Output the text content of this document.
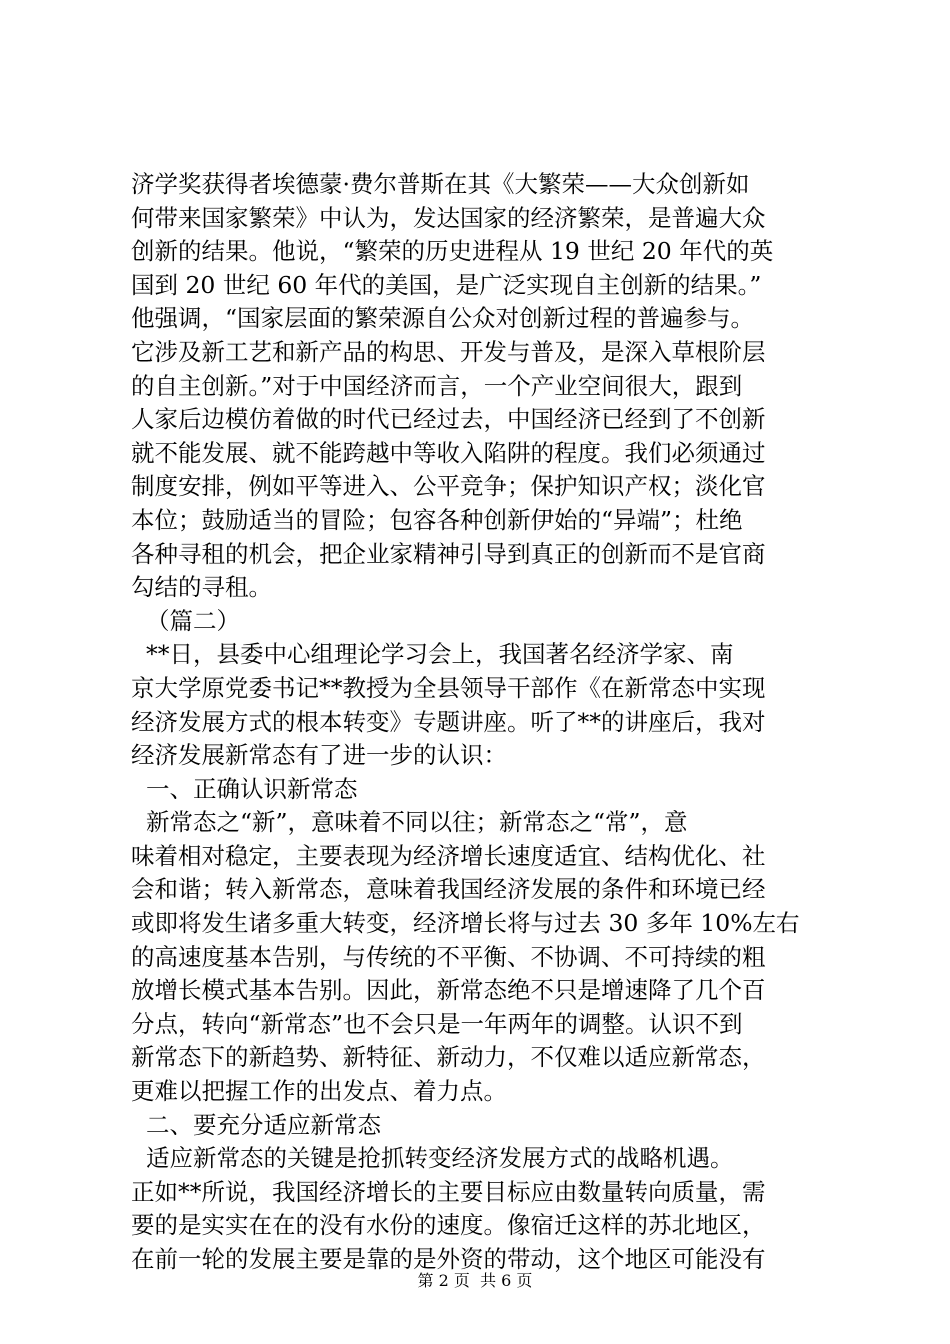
济学奖获得者埃德蒙·费尔普斯在其《大繁荣——大众创新如
何带来国家繁荣》中认为，发达国家的经济繁荣，是普遍大众
创新的结果。他说，“繁荣的历史进程从 19 世纪 20 年代的英
国到 20 世纪 60 年代的美国，是广泛实现自主创新的结果。”
他强调，“国家层面的繁荣源自公众对创新过程的普遍参与。
它涉及新工艺和新产品的构思、开发与普及，是深入草根阶层
的自主创新。”对于中国经济而言，一个产业空间很大，跟到
人家后边模仿着做的时代已经过去，中国经济已经到了不创新
就不能发展、就不能跨越中等收入陷阱的程度。我们必须通过
制度安排，例如平等进入、公平竞争；保护知识产权；淡化官
本位；鼓励适当的冒险；包容各种创新伊始的“异端”；杜绝
各种寻租的机会，把企业家精神引导到真正的创新而不是官商
勾结的寻租。
（篇二）
**日，县委中心组理论学习会上，我国著名经济学家、南
京大学原党委书记**教授为全县领导干部作《在新常态中实现
经济发展方式的根本转变》专题讲座。听了**的讲座后，我对
经济发展新常态有了进一步的认识：
一、正确认识新常态
新常态之“新”，意味着不同以往；新常态之“常”，意
味着相对稳定，主要表现为经济增长速度适宜、结构优化、社
会和谐；转入新常态，意味着我国经济发展的条件和环境已经
或即将发生诸多重大转变，经济增长将与过去 30 多年 10%左右
的高速度基本告别，与传统的不平衡、不协调、不可持续的粗
放增长模式基本告别。因此，新常态绝不只是增速降了几个百
分点，转向“新常态”也不会只是一年两年的调整。认识不到
新常态下的新趋势、新特征、新动力，不仅难以适应新常态，
更难以把握工作的出发点、着力点。
二、要充分适应新常态
适应新常态的关键是抢抓转变经济发展方式的战略机遇。
正如**所说，我国经济增长的主要目标应由数量转向质量，需
要的是实实在在的没有水份的速度。像宿迁这样的苏北地区，
在前一轮的发展主要是靠的是外资的带动，这个地区可能没有
第 2 页  共 6 页
